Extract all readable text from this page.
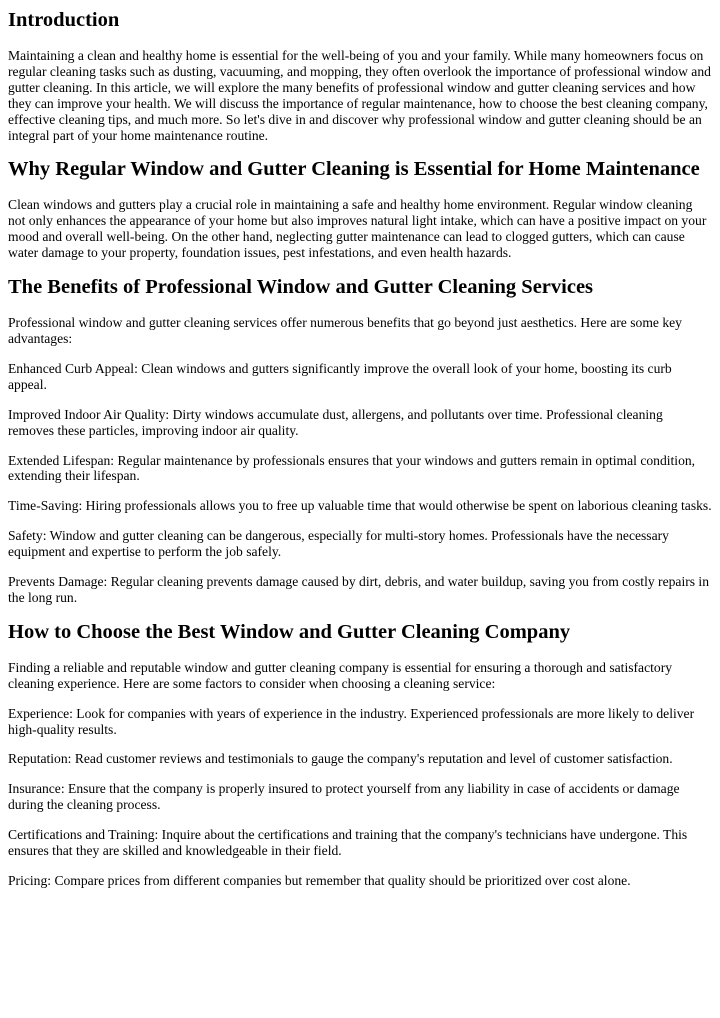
Introduction

Maintaining a clean and healthy home is essential for the well-being of you and your family. While many homeowners focus on regular cleaning tasks such as dusting, vacuuming, and mopping, they often overlook the importance of professional window and gutter cleaning. In this article, we will explore the many benefits of professional window and gutter cleaning services and how they can improve your health. We will discuss the importance of regular maintenance, how to choose the best cleaning company, effective cleaning tips, and much more. So let's dive in and discover why professional window and gutter cleaning should be an integral part of your home maintenance routine.

Why Regular Window and Gutter Cleaning is Essential for Home Maintenance

Clean windows and gutters play a crucial role in maintaining a safe and healthy home environment. Regular window cleaning not only enhances the appearance of your home but also improves natural light intake, which can have a positive impact on your mood and overall well-being. On the other hand, neglecting gutter maintenance can lead to clogged gutters, which can cause water damage to your property, foundation issues, pest infestations, and even health hazards.

The Benefits of Professional Window and Gutter Cleaning Services

Professional window and gutter cleaning services offer numerous benefits that go beyond just aesthetics. Here are some key advantages:

Enhanced Curb Appeal: Clean windows and gutters significantly improve the overall look of your home, boosting its curb appeal.

Improved Indoor Air Quality: Dirty windows accumulate dust, allergens, and pollutants over time. Professional cleaning removes these particles, improving indoor air quality.

Extended Lifespan: Regular maintenance by professionals ensures that your windows and gutters remain in optimal condition, extending their lifespan.

Time-Saving: Hiring professionals allows you to free up valuable time that would otherwise be spent on laborious cleaning tasks.

Safety: Window and gutter cleaning can be dangerous, especially for multi-story homes. Professionals have the necessary equipment and expertise to perform the job safely.

Prevents Damage: Regular cleaning prevents damage caused by dirt, debris, and water buildup, saving you from costly repairs in the long run.

How to Choose the Best Window and Gutter Cleaning Company

Finding a reliable and reputable window and gutter cleaning company is essential for ensuring a thorough and satisfactory cleaning experience. Here are some factors to consider when choosing a cleaning service:

Experience: Look for companies with years of experience in the industry. Experienced professionals are more likely to deliver high-quality results.

Reputation: Read customer reviews and testimonials to gauge the company's reputation and level of customer satisfaction.

Insurance: Ensure that the company is properly insured to protect yourself from any liability in case of accidents or damage during the cleaning process.

Certifications and Training: Inquire about the certifications and training that the company's technicians have undergone. This ensures that they are skilled and knowledgeable in their field.

Pricing: Compare prices from different companies but remember that quality should be prioritized over cost alone.
